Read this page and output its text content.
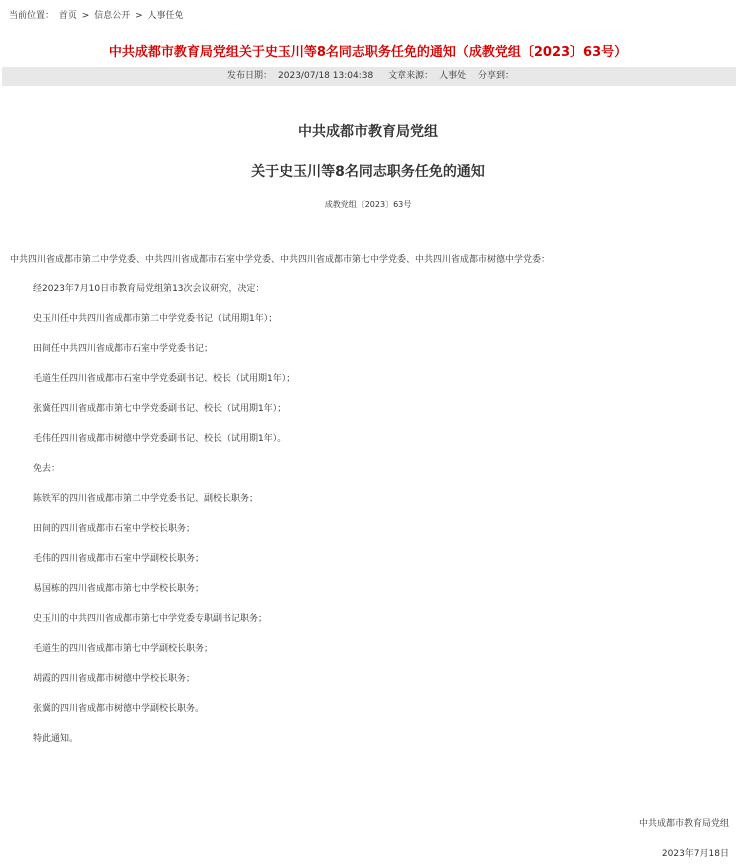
当前位置： 首页 > 信息公开 > 人事任免
中共成都市教育局党组关于史玉川等8名同志职务任免的通知（成教党组〔2023〕63号）
发布日期： 2023/07/18 13:04:38 文章来源： 人事处 分享到：
中共成都市教育局党组
关于史玉川等8名同志职务任免的通知
成教党组〔2023〕63号
中共四川省成都市第二中学党委、中共四川省成都市石室中学党委、中共四川省成都市第七中学党委、中共四川省成都市树德中学党委：
经2023年7月10日市教育局党组第13次会议研究，决定：
史玉川任中共四川省成都市第二中学党委书记（试用期1年）；
田间任中共四川省成都市石室中学党委书记；
毛道生任四川省成都市石室中学党委副书记、校长（试用期1年）；
张冀任四川省成都市第七中学党委副书记、校长（试用期1年）；
毛伟任四川省成都市树德中学党委副书记、校长（试用期1年）。
免去：
陈铁军的四川省成都市第二中学党委书记、副校长职务；
田间的四川省成都市石室中学校长职务；
毛伟的四川省成都市石室中学副校长职务；
易国栋的四川省成都市第七中学校长职务；
史玉川的中共四川省成都市第七中学党委专职副书记职务；
毛道生的四川省成都市第七中学副校长职务；
胡霞的四川省成都市树德中学校长职务；
张冀的四川省成都市树德中学副校长职务。
特此通知。
中共成都市教育局党组
2023年7月18日
